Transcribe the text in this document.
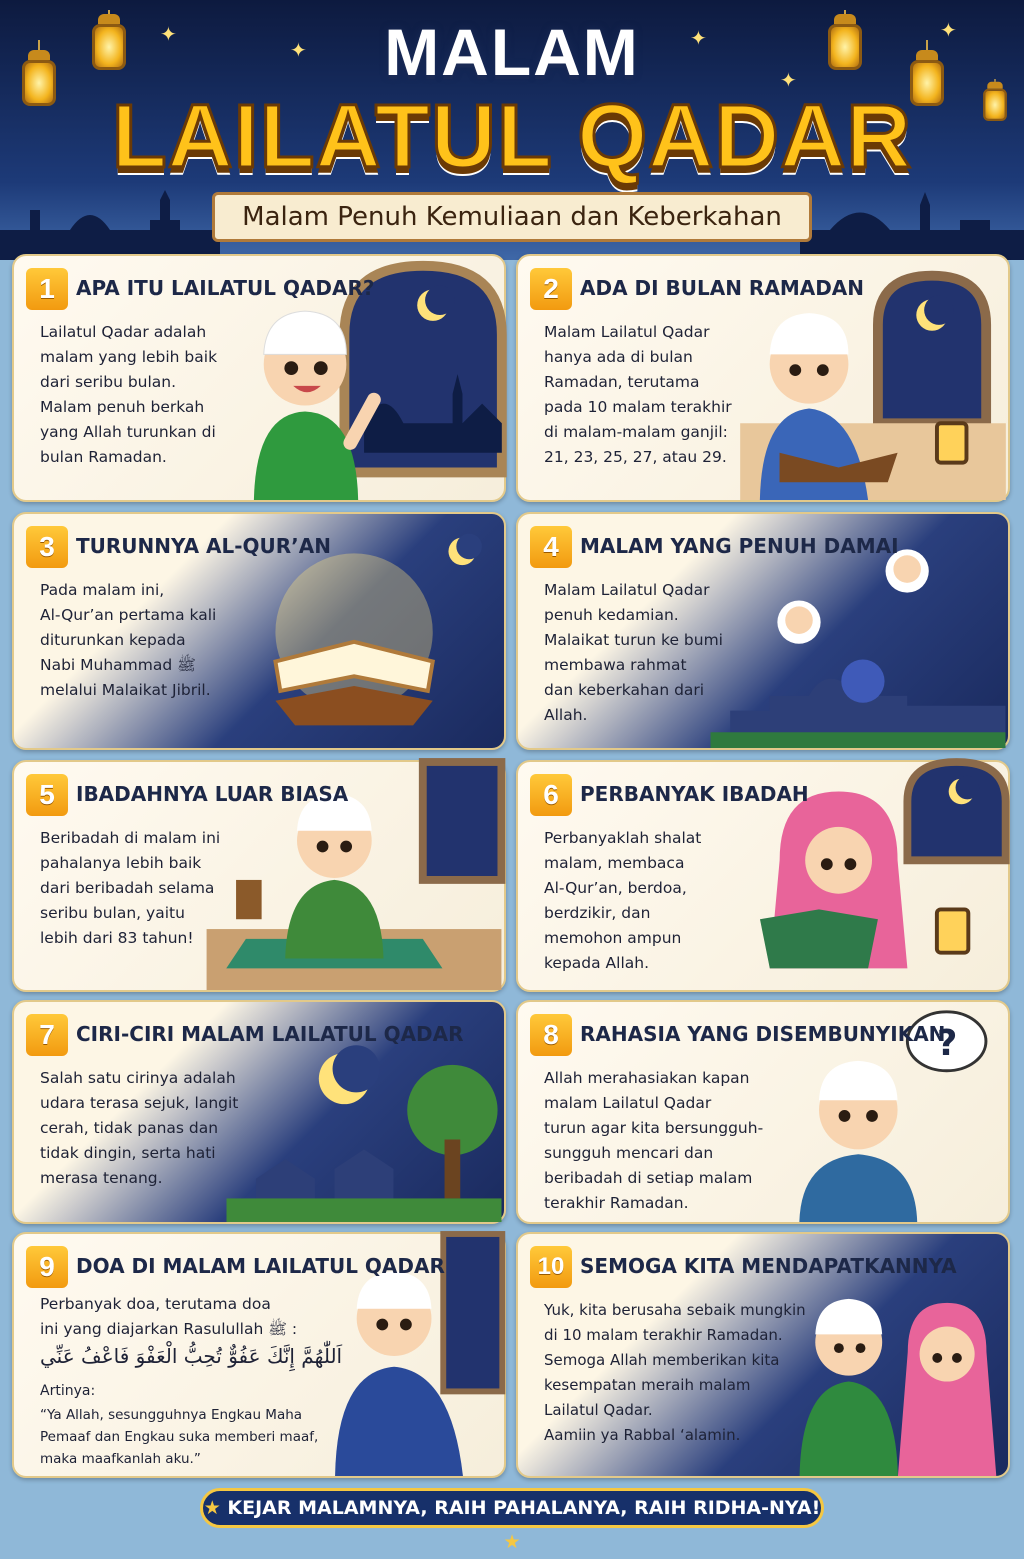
✦
✦	✦
✦
✦
MALAM
LAILATUL QADAR
Malam Penuh Kemuliaan dan Keberkahan
1	APA ITU LAILATUL QADAR?
Lailatul Qadar adalah
malam yang lebih baik
dari seribu bulan.
Malam penuh berkah
yang Allah turunkan di
bulan Ramadan.
2	ADA DI BULAN RAMADAN
Malam Lailatul Qadar
hanya ada di bulan
Ramadan, terutama
pada 10 malam terakhir
di malam-malam ganjil:
21, 23, 25, 27, atau 29.
3	TURUNNYA AL-QUR’AN
Pada malam ini,
Al-Qur’an pertama kali
diturunkan kepada
Nabi Muhammad ﷺ
melalui Malaikat Jibril.
4	MALAM YANG PENUH DAMAI
Malam Lailatul Qadar
penuh kedamian.
Malaikat turun ke bumi
membawa rahmat
dan keberkahan dari
Allah.
5	IBADAHNYA LUAR BIASA
Beribadah di malam ini
pahalanya lebih baik
dari beribadah selama
seribu bulan, yaitu
lebih dari 83 tahun!
6	PERBANYAK IBADAH
Perbanyaklah shalat
malam, membaca
Al-Qur’an, berdoa,
berdzikir, dan
memohon ampun
kepada Allah.
7	CIRI-CIRI MALAM LAILATUL QADAR
Salah satu cirinya adalah
udara terasa sejuk, langit
cerah, tidak panas dan
tidak dingin, serta hati
merasa tenang.
?
8	RAHASIA YANG DISEMBUNYIKAN
Allah merahasiakan kapan
malam Lailatul Qadar
turun agar kita bersungguh-
sungguh mencari dan
beribadah di setiap malam
terakhir Ramadan.
9	DOA DI MALAM LAILATUL QADAR
Perbanyak doa, terutama doa
ini yang diajarkan Rasulullah ﷺ :
اَللّٰهُمَّ إِنَّكَ عَفُوٌّ تُحِبُّ الْعَفْوَ فَاعْفُ عَنِّي
Artinya:
“Ya Allah, sesungguhnya Engkau Maha
Pemaaf dan Engkau suka memberi maaf,
maka maafkanlah aku.”
10 SEMOGA KITA MENDAPATKANNYA
Yuk, kita berusaha sebaik mungkin
di 10 malam terakhir Ramadan.
Semoga Allah memberikan kita
kesempatan meraih malam
Lailatul Qadar.
Aamiin ya Rabbal ‘alamin.
★ KEJAR MALAMNYA, RAIH PAHALANYA, RAIH RIDHA-NYA! ★
